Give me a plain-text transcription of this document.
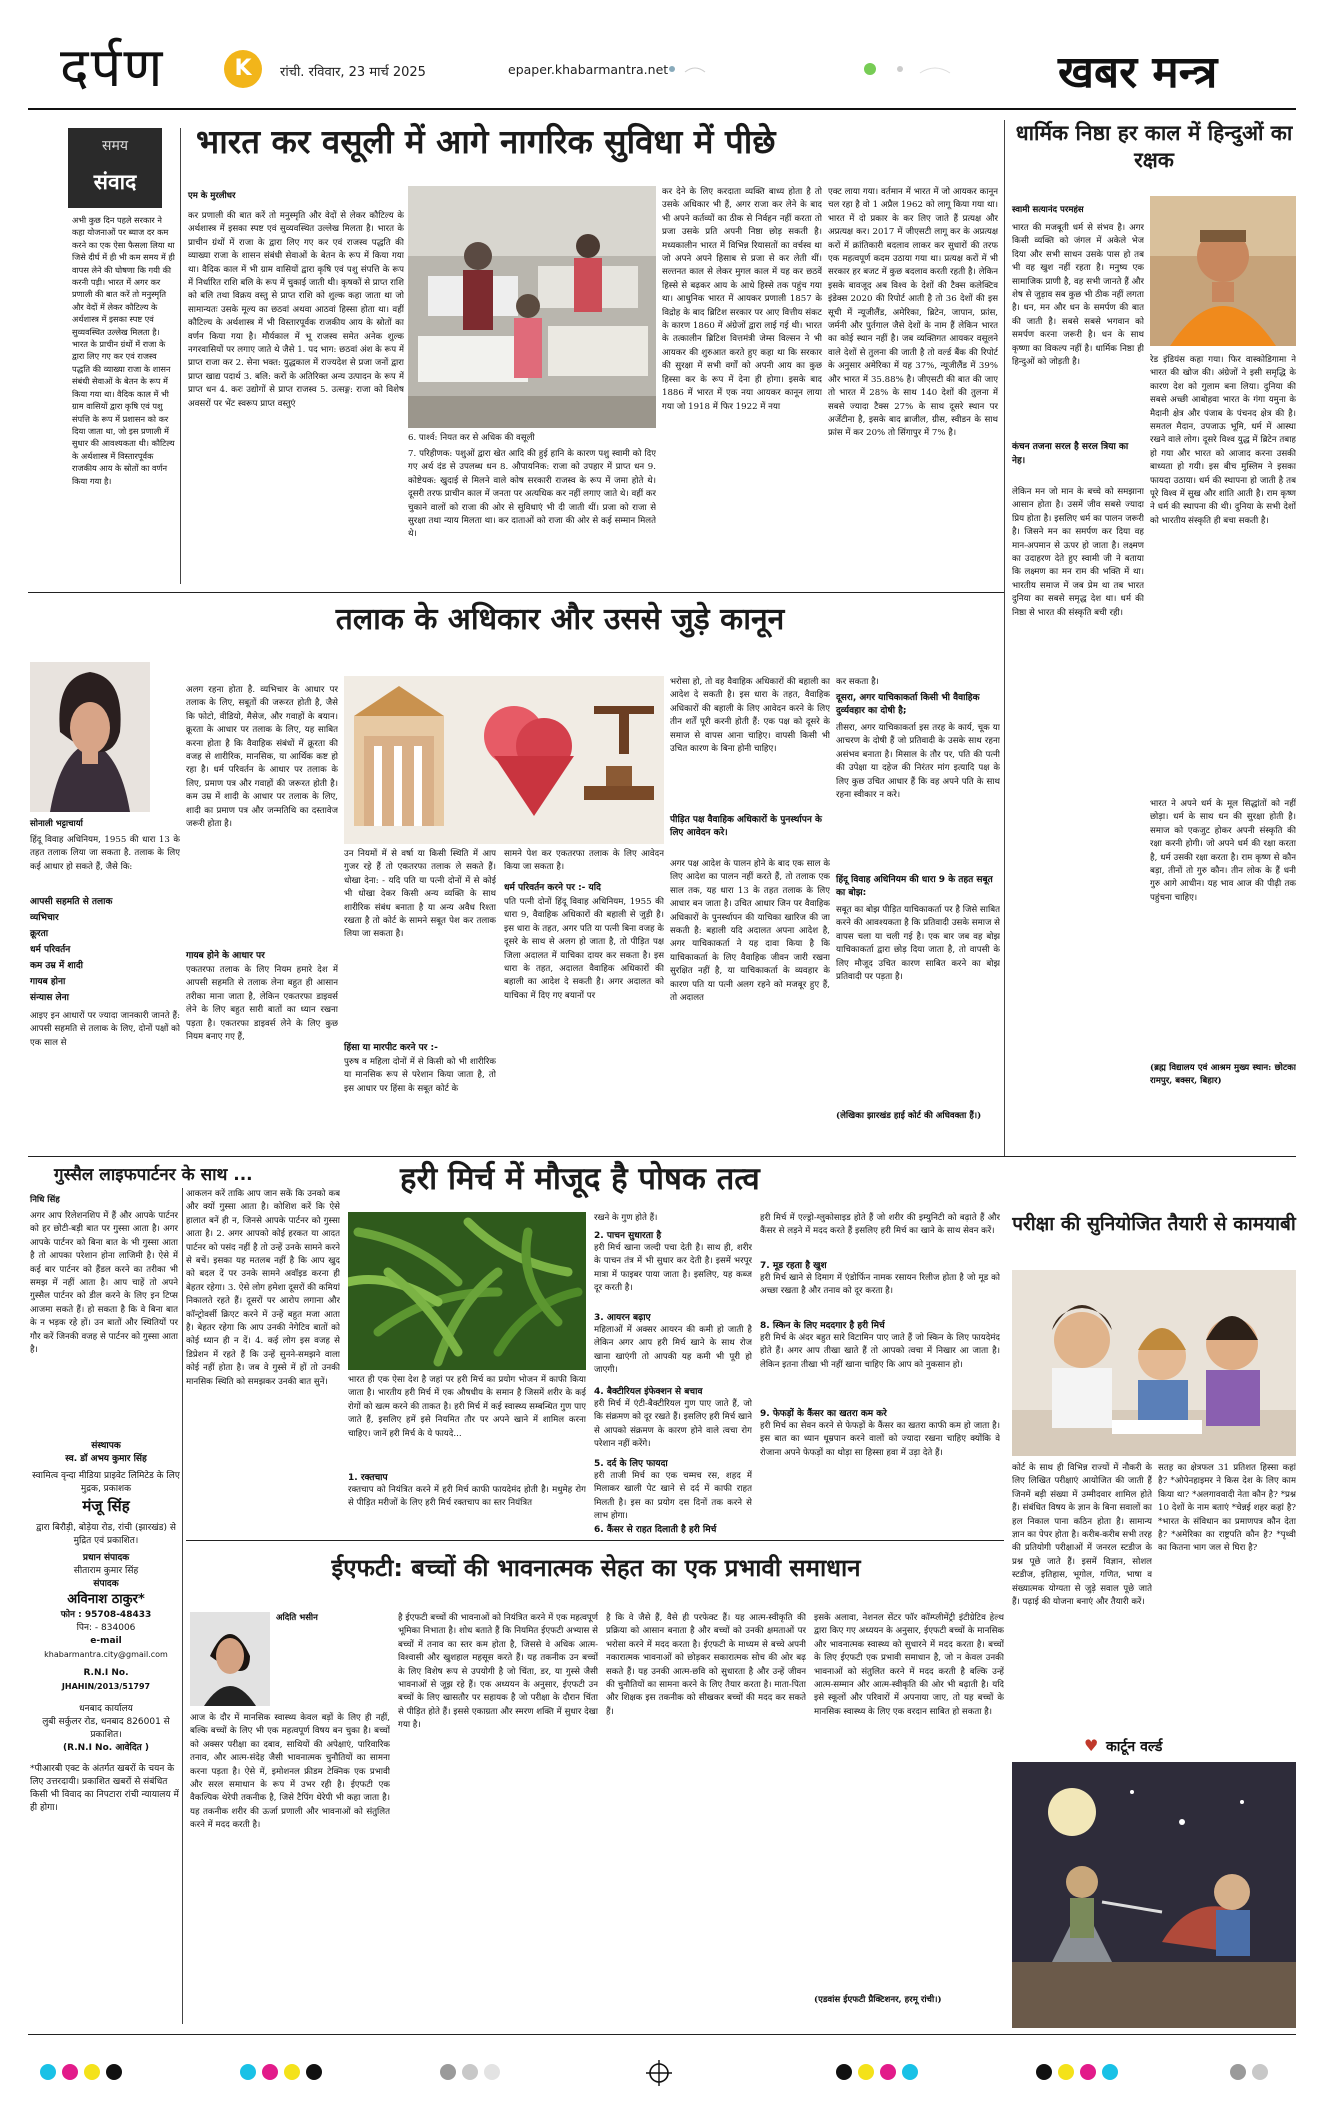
दर्पण	K	रांची. रविवार, 23 मार्च 2025	epaper.khabarmantra.net	खबर मन्त्र
समय
संवाद
अभी कुछ दिन पहले सरकार ने कहा योजनाओं पर ब्याज दर कम करने का एक ऐसा फैसला लिया था जिसे दीर्घ में ही भी कम समय में ही वापस लेने की घोषणा कि गयी की करनी पड़ी। भारत में अगर कर प्रणाली की बात करें तो मनुस्मृति और वेदों में लेकर कौटिल्य के अर्थशास्त्र में इसका स्पष्ट एवं सुव्यवस्थित उल्लेख मिलता है। भारत के प्राचीन ग्रंथों में राजा के द्वारा लिए गए कर एवं राजस्व पद्धति की व्याख्या राजा के शासन संबंधी सेवाओं के बेतन के रूप में किया गया था। वैदिक काल में भी ग्राम वासियों द्वारा कृषि एवं पशु संपत्ति के रूप में प्रशासन को कर दिया जाता था, जो इस प्रणाली में सुधार की आवश्यकता थी। कौटिल्य के अर्थशास्त्र में विस्तारपूर्वक राजकीय आय के स्रोतों का वर्णन किया गया है।
भारत कर वसूली में आगे नागरिक सुविधा में पीछे
एम के मुरलीधर
कर प्रणाली की बात करें तो मनुस्मृति और वेदों से लेकर कौटिल्य के अर्थशास्त्र में इसका स्पष्ट एवं सुव्यवस्थित उल्लेख मिलता है। भारत के प्राचीन ग्रंथों में राजा के द्वारा लिए गए कर एवं राजस्व पद्धति की व्याख्या राजा के शासन संबंधी सेवाओं के बेतन के रूप में किया गया था। वैदिक काल में भी ग्राम वासियों द्वारा कृषि एवं पशु संपत्ति के रूप में निर्धारित राशि बलि के रूप में चुकाई जाती थी। कृषकों से प्राप्त राशि को बलि तथा विक्रय वस्तु से प्राप्त राशि को शुल्क कहा जाता था जो सामान्यतः उसके मूल्य का छठवां अथवा आठवां हिस्सा होता था। वहीं कौटिल्य के अर्थशास्त्र में भी विस्तारपूर्वक राजकीय आय के स्रोतों का वर्णन किया गया है। मौर्यकाल में भू राजस्व समेत अनेक शुल्क नगरवासियों पर लगाए जाते थे जैसे 1. पद भाग: छठवां अंश के रूप में प्राप्त राजा कर 2. सेना भक्त: युद्धकाल में राज्यदेश से प्रजा जनों द्वारा प्राप्त खाद्य पदार्थ 3. बलि: करों के अतिरिक्त अन्य उत्पादन के रूप में प्राप्त धन 4. करः उद्योगों से प्राप्त राजस्व 5. उत्सङ्ग: राजा को विशेष अवसरों पर भेंट स्वरूप प्राप्त वस्तुएं
6. पार्श्व: नियत कर से अधिक की वसूली
7. परिहीणक: पशुओं द्वारा खेत आदि की हुई हानि के कारण पशु स्वामी को दिए गए अर्थ दंड से उपलब्ध धन 8. औपायनिक: राजा को उपहार में प्राप्त धन 9. कोष्टेयक: खुदाई से मिलने वाले कोष सरकारी राजस्व के रूप में जमा होते थे। दूसरी तरफ प्राचीन काल में जनता पर अत्यधिक कर नहीं लगाए जाते थे। वहीं कर चुकाने वालों को राजा की ओर से सुविधाएं भी दी जाती थीं। प्रजा को राजा से सुरक्षा तथा न्याय मिलता था। कर दाताओं को राजा की ओर से कई सम्मान मिलते थे।
कर देने के लिए करदाता व्यक्ति बाध्य होता है तो उसके अधिकार भी हैं, अगर राजा कर लेने के बाद भी अपने कर्तव्यों का ठीक से निर्वहन नहीं करता तो प्रजा उसके प्रति अपनी निष्ठा छोड़ सकती है। मध्यकालीन भारत में विभिन्न रियासतों का वर्चस्व था जो अपने अपने हिसाब से प्रजा से कर लेती थीं। सल्तनत काल से लेकर मुगल काल में यह कर छठवें हिस्से से बढ़कर आय के आधे हिस्से तक पहुंच गया था। आधुनिक भारत में आयकर प्रणाली 1857 के विद्रोह के बाद ब्रिटिश सरकार पर आए वित्तीय संकट के कारण 1860 में अंग्रेजों द्वारा लाई गई थी। भारत के तत्कालीन ब्रिटिश वित्तमंत्री जेम्स विल्सन ने भी आयकर की शुरुआत करते हुए कहा था कि सरकार की सुरक्षा में सभी वर्गों को अपनी आय का कुछ हिस्सा कर के रूप में देना ही होगा। इसके बाद 1886 में भारत में एक नया आयकर कानून लाया गया जो 1918 में फिर 1922 में नया
एक्ट लाया गया। वर्तमान में भारत में जो आयकर कानून चल रहा है वो 1 अप्रैल 1962 को लागू किया गया था। भारत में दो प्रकार के कर लिए जाते हैं प्रत्यक्ष और अप्रत्यक्ष कर। 2017 में जीएसटी लागू कर के अप्रत्यक्ष करों में क्रांतिकारी बदलाव लाकर कर सुधारों की तरफ एक महत्वपूर्ण कदम उठाया गया था। प्रत्यक्ष करों में भी सरकार हर बजट में कुछ बदलाव करती रहती है। लेकिन इसके बावजूद अब विश्व के देशों की टैक्स कलेक्टिव इंडेक्स 2020 की रिपोर्ट आती है तो 36 देशों की इस सूची में न्यूजीलैंड, अमेरिका, ब्रिटेन, जापान, फ्रांस, जर्मनी और पुर्तगाल जैसे देशों के नाम हैं लेकिन भारत का कोई स्थान नहीं है। जब व्यक्तिगत आयकर वसूलने वाले देशों से तुलना की जाती है तो वर्ल्ड बैंक की रिपोर्ट के अनुसार अमेरिका में यह 37%, न्यूजीलैंड में 39% और भारत में 35.88% है। जीएसटी की बात की जाए तो भारत में 28% के साथ 140 देशों की तुलना में सबसे ज्यादा टैक्स 27% के साथ दूसरे स्थान पर अर्जेंटीना है, इसके बाद ब्राजील, ग्रीस, स्वीडन के साथ फ्रांस में कर 20% तो सिंगापुर में 7% है।
धार्मिक निष्ठा हर काल में हिन्दुओं का रक्षक
स्वामी सत्यानंद परमहंस
भारत की मजबूती धर्म से संभव है। अगर किसी व्यक्ति को जंगल में अकेले भेज दिया और सभी साधन उसके पास हो तब भी वह खुश नहीं रहता है। मनुष्य एक सामाजिक प्राणी है, वह सभी जानते हैं और शेष से जुड़ाव सब कुछ भी ठीक नहीं लगता है। धन, मन और धन के समर्पण की बात की जाती है। सबसे सबसे भगवान को समर्पण करना जरूरी है। धन के साथ कृष्णा का विकल्प नहीं है। धार्मिक निष्ठा ही हिन्दुओं को जोड़ती है।
कंचन तजना सरल है सरल त्रिया का नेह।
लेकिन मन जो मान के बच्चे को समझाना आसान होता है। उसमें जीव सबसे ज्यादा प्रिय होता है। इसलिए धर्म का पालन जरूरी है। जिसने मन का समर्पण कर दिया वह मान-अपमान से ऊपर हो जाता है। लक्ष्मण का उदाहरण देते हुए स्वामी जी ने बताया कि लक्ष्मण का मन राम की भक्ति में था। भारतीय समाज में जब प्रेम था तब भारत दुनिया का सबसे समृद्ध देश था। धर्म की निष्ठा से भारत की संस्कृति बची रही।
रेड इंडियंस कहा गया। फिर वास्कोडिगामा ने भारत की खोज की। अंग्रेजों ने इसी समृद्धि के कारण देश को गुलाम बना लिया। दुनिया की सबसे अच्छी आबोहवा भारत के गंगा यमुना के मैदानी क्षेत्र और पंजाब के पंचनद क्षेत्र की है। समतल मैदान, उपजाऊ भूमि, धर्म में आस्था रखने वाले लोग। दूसरे विश्व युद्ध में ब्रिटेन तबाह हो गया और भारत को आजाद करना उसकी बाध्यता हो गयी। इस बीच मुस्लिम ने इसका फायदा उठाया। धर्म की स्थापना हो जाती है तब पूरे विश्व में सुख और शांति आती है। राम कृष्ण ने धर्म की स्थापना की थी। दुनिया के सभी देशों को भारतीय संस्कृति ही बचा सकती है।
भारत ने अपने धर्म के मूल सिद्धांतों को नहीं छोड़ा। धर्म के साथ धन की सुरक्षा होती है। समाज को एकजुट होकर अपनी संस्कृति की रक्षा करनी होगी। जो अपने धर्म की रक्षा करता है, धर्म उसकी रक्षा करता है। राम कृष्ण से कौन बड़ा, तीनों तो गुरु कौन। तीन लोक के हैं धनी गुरु आगे आधीन। यह भाव आज की पीढ़ी तक पहुंचना चाहिए।
(ब्रह्म विद्यालय एवं आश्रम मुख्य स्थान: छोटका रामपुर, बक्सर, बिहार)
तलाक के अधिकार और उससे जुड़े कानून
सोनाली भट्टाचार्या
हिंदू विवाह अधिनियम, 1955 की धारा 13 के तहत तलाक लिया जा सकता है. तलाक के लिए कई आधार हो सकते हैं, जैसे कि:
आपसी सहमति से तलाक
व्यभिचार
क्रूरता
धर्म परिवर्तन
कम उम्र में शादी
गायब होना
संन्यास लेना
आइए इन आधारों पर ज्यादा जानकारी जानते हैं: आपसी सहमति से तलाक के लिए, दोनों पक्षों को एक साल से
अलग रहना होता है. व्यभिचार के आधार पर तलाक के लिए, सबूतों की जरूरत होती है, जैसे कि फोटो, वीडियो, मैसेज, और गवाहों के बयान। क्रूरता के आधार पर तलाक के लिए, यह साबित करना होता है कि वैवाहिक संबंधों में क्रूरता की वजह से शारीरिक, मानसिक, या आर्थिक कष्ट हो रहा है। धर्म परिवर्तन के आधार पर तलाक के लिए, प्रमाण पत्र और गवाहों की जरूरत होती है। कम उम्र में शादी के आधार पर तलाक के लिए, शादी का प्रमाण पत्र और जन्मतिथि का दस्तावेज जरूरी होता है।
गायब होने के आधार पर
एकतरफा तलाक के लिए नियम हमारे देश में आपसी सहमति से तलाक लेना बहुत ही आसान तरीका माना जाता है, लेकिन एकतरफा डाइवर्स लेने के लिए बहुत सारी बातों का ध्यान रखना पड़ता है। एकतरफा डाइवर्स लेने के लिए कुछ नियम बनाए गए हैं,
उन नियमों में से वर्षा या किसी स्थिति में आप गुजर रहे हैं तो एकतरफा तलाक ले सकते हैं। धोखा देना: - यदि पति या पत्नी दोनों में से कोई भी धोखा देकर किसी अन्य व्यक्ति के साथ शारीरिक संबंध बनाता है या अन्य अवैध रिश्ता रखता है तो कोर्ट के सामने सबूत पेश कर तलाक लिया जा सकता है।
हिंसा या मारपीट करने पर :-
पुरुष व महिला दोनों में से किसी को भी शारीरिक या मानसिक रूप से परेशान किया जाता है, तो इस आधार पर हिंसा के सबूत कोर्ट के
सामने पेश कर एकतरफा तलाक के लिए आवेदन किया जा सकता है।
धर्म परिवर्तन करने पर :- यदि
पति पत्नी दोनों हिंदू विवाह अधिनियम, 1955 की धारा 9, वैवाहिक अधिकारों की बहाली से जुड़ी है। इस धारा के तहत, अगर पति या पत्नी बिना वजह के दूसरे के साथ से अलग हो जाता है, तो पीड़ित पक्ष जिला अदालत में याचिका दायर कर सकता है। इस धारा के तहत, अदालत वैवाहिक अधिकारों की बहाली का आदेश दे सकती है। अगर अदालत को याचिका में दिए गए बयानों पर
भरोसा हो, तो वह वैवाहिक अधिकारों की बहाली का आदेश दे सकती है। इस धारा के तहत, वैवाहिक अधिकारों की बहाली के लिए आवेदन करने के लिए तीन शर्तें पूरी करनी होती हैं: एक पक्ष को दूसरे के समाज से वापस आना चाहिए। वापसी किसी भी उचित कारण के बिना होनी चाहिए।
पीड़ित पक्ष वैवाहिक अधिकारों के पुनर्स्थापन के लिए आवेदन करे।
अगर पक्ष आदेश के पालन होने के बाद एक साल के लिए आदेश का पालन नहीं करते हैं, तो तलाक एक साल तक, यह धारा 13 के तहत तलाक के लिए आधार बन जाता है। उचित आधार जिन पर वैवाहिक अधिकारों के पुनर्स्थापन की याचिका खारिज की जा सकती है: बहाली यदि अदालत अपना आदेश है, अगर याचिकाकर्ता ने यह दावा किया है कि याचिकाकर्ता के लिए वैवाहिक जीवन जारी रखना सुरक्षित नहीं है, या याचिकाकर्ता के व्यवहार के कारण पति या पत्नी अलग रहने को मजबूर हुए हैं, तो अदालत
कर सकता है।
दूसरा, अगर याचिकाकर्ता किसी भी वैवाहिक दुर्व्यवहार का दोषी है;
तीसरा, अगर याचिकाकर्ता इस तरह के कार्य, चूक या आचरण के दोषी हैं जो प्रतिवादी के उसके साथ रहना असंभव बनाता है। मिसाल के तौर पर, पति की पत्नी की उपेक्षा या दहेज की निरंतर मांग इत्यादि पक्ष के लिए कुछ उचित आधार हैं कि वह अपने पति के साथ रहना स्वीकार न करे।
हिंदू विवाह अधिनियम की धारा 9 के तहत सबूत का बोझ:
सबूत का बोझ पीड़ित याचिकाकर्ता पर है जिसे साबित करने की आवश्यकता है कि प्रतिवादी उसके समाज से वापस चला या चली गई है। एक बार जब वह बोझ याचिकाकर्ता द्वारा छोड़ दिया जाता है, तो वापसी के लिए मौजूद उचित कारण साबित करने का बोझ प्रतिवादी पर पड़ता है।
(लेखिका झारखंड हाई कोर्ट की अधिवक्ता हैं।)
गुस्सैल लाइफपार्टनर के साथ ...
निधि सिंह
अगर आप रिलेशनशिप में हैं और आपके पार्टनर को हर छोटी-बड़ी बात पर गुस्सा आता है। अगर आपके पार्टनर को बिना बात के भी गुस्सा आता है तो आपका परेशान होना लाजिमी है। ऐसे में कई बार पार्टनर को हैंडल करने का तरीका भी समझ में नहीं आता है। आप चाहें तो अपने गुस्सैल पार्टनर को डील करने के लिए इन टिप्स आजमा सकते हैं। हो सकता है कि वे बिना बात के न भड़क रहे हों। उन बातों और स्थितियों पर गौर करें जिनकी वजह से पार्टनर को गुस्सा आता है।
आकलन करें ताकि आप जान सकें कि उनको कब और क्यों गुस्सा आता है। कोशिश करें कि ऐसे हालात बनें ही न, जिनसे आपके पार्टनर को गुस्सा आता है। 2. अगर आपको कोई हरकत या आदत पार्टनर को पसंद नहीं है तो उन्हें उनके सामने करने से बचें। इसका यह मतलब नहीं है कि आप खुद को बदल दें पर उनके सामने अवॉइड करना ही बेहतर रहेगा। 3. ऐसे लोग हमेशा दूसरों की कमियां निकालते रहते हैं। दूसरों पर आरोप लगाना और कॉन्ट्रोवर्सी क्रिएट करने में उन्हें बहुत मजा आता है। बेहतर रहेगा कि आप उनकी नेगेटिव बातों को कोई ध्यान ही न दें। 4. कई लोग इस वजह से डिप्रेशन में रहते हैं कि उन्हें सुनने-समझने वाला कोई नहीं होता है। जब वे गुस्से में हों तो उनकी मानसिक स्थिति को समझकर उनकी बात सुनें।
संस्थापक
स्व. डॉ अभय कुमार सिंह
स्वामित्व वृन्दा मीडिया प्राइवेट लिमिटेड के लिए मुद्रक, प्रकाशक
मंजू सिंह
द्वारा बिरौड़ी, बोड़ेया रोड, रांची (झारखंड) से मुद्रित एवं प्रकाशित।
प्रधान संपादक
सीताराम कुमार सिंह
संपादक
अविनाश ठाकुर*
फोन : 95708-48433
पिन: - 834006
e-mail
khabarmantra.city@gmail.com
R.N.I No.
JHAHIN/2013/51797
धनबाद कार्यालय
लुबी सर्कुलर रोड, धनबाद 826001 से प्रकाशित।
(R.N.I No. आवेदित )
*पीआरबी एक्ट के अंतर्गत खबरों के चयन के लिए उत्तरदायी। प्रकाशित खबरों से संबंधित किसी भी विवाद का निपटारा रांची न्यायालय में ही होगा।
हरी मिर्च में मौजूद है पोषक तत्व
भारत ही एक ऐसा देश है जहां पर हरी मिर्च का प्रयोग भोजन में काफी किया जाता है। भारतीय हरी मिर्च में एक औषधीय के समान है जिसमें शरीर के कई रोगों को खत्म करने की ताकत है। हरी मिर्च में कई स्वास्थ्य सम्बन्धित गुण पाए जाते हैं, इसलिए हमें इसे नियमित तौर पर अपने खाने में शामिल करना चाहिए। जानें हरी मिर्च के ये फायदे...
1. रक्तचाप
रक्तचाप को नियंत्रित करने में हरी मिर्च काफी फायदेमंद होती है। मधुमेह रोग से पीड़ित मरीजों के लिए हरी मिर्च रक्तचाप का स्तर नियंत्रित
रखने के गुण होते हैं।
2. पाचन सुधारता है
हरी मिर्च खाना जल्दी पचा देती है। साथ ही, शरीर के पाचन तंत्र में भी सुधार कर देती है। इसमें भरपूर मात्रा में फाइबर पाया जाता है। इसलिए, यह कब्ज दूर करती है।
3. आयरन बढ़ाए
महिलाओं में अक्सर आयरन की कमी हो जाती है लेकिन अगर आप हरी मिर्च खाने के साथ रोज खाना खाएंगी तो आपकी यह कमी भी पूरी हो जाएगी।
4. बैक्टीरियल इंफेक्शन से बचाव
हरी मिर्च में एंटी-बैक्टीरियल गुण पाए जाते हैं, जो कि संक्रमण को दूर रखते हैं। इसलिए हरी मिर्च खाने से आपको संक्रमण के कारण होने वाले त्वचा रोग परेशान नहीं करेंगे।
5. दर्द के लिए फायदा
हरी ताजी मिर्च का एक चम्मच रस, शहद में मिलाकर खाली पेट खाने से दर्द में काफी राहत मिलती है। इस का प्रयोग दस दिनों तक करने से लाभ होगा।
6. कैंसर से राहत दिलाती है हरी मिर्च
हरी मिर्च में एल्ड्रो-ग्लुकोसाइड होते हैं जो शरीर की इम्युनिटी को बढ़ाते हैं और कैंसर से लड़ने में मदद करते हैं इसलिए हरी मिर्च का खाने के साथ सेवन करें।
7. मूड रहता है खुश
हरी मिर्च खाने से दिमाग में एंडोर्फिन नामक रसायन रिलीज होता है जो मूड को अच्छा रखता है और तनाव को दूर करता है।
8. स्किन के लिए मददगार है हरी मिर्च
हरी मिर्च के अंदर बहुत सारे विटामिन पाए जाते हैं जो स्किन के लिए फायदेमंद होते हैं। अगर आप तीखा खाते हैं तो आपको त्वचा में निखार आ जाता है। लेकिन इतना तीखा भी नहीं खाना चाहिए कि आप को नुकसान हो।
9. फेफड़ों के कैंसर का खतरा कम करे
हरी मिर्च का सेवन करने से फेफड़ों के कैंसर का खतरा काफी कम हो जाता है। इस बात का ध्यान धूम्रपान करने वालों को ज्यादा रखना चाहिए क्योंकि वे रोजाना अपने फेफड़ों का थोड़ा सा हिस्सा हवा में उड़ा देते हैं।
परीक्षा की सुनियोजित तैयारी से कामयाबी
कोर्ट के साथ ही विभिन्न राज्यों में नौकरी के लिए लिखित परीक्षाएं आयोजित की जाती हैं जिनमें बड़ी संख्या में उम्मीदवार शामिल होते हैं। संबंधित विषय के ज्ञान के बिना सवालों का हल निकाल पाना कठिन होता है। सामान्य ज्ञान का पेपर होता है। करीब-करीब सभी तरह की प्रतियोगी परीक्षाओं में जनरल स्टडीज के प्रश्न पूछे जाते हैं। इसमें विज्ञान, सोशल स्टडीज, इतिहास, भूगोल, गणित, भाषा व संख्यात्मक योग्यता से जुड़े सवाल पूछे जाते हैं। पढ़ाई की योजना बनाएं और तैयारी करें।
सतह का क्षेत्रफल 31 प्रतिशत हिस्सा कहां है? *ओपेनहाइमर ने किस देश के लिए काम किया था? *अलगाववादी नेता कौन है? *प्रश्न 10 देशों के नाम बताएं *चेन्नई शहर कहां है? *भारत के संविधान का प्रमाणपत्र कौन देता है? *अमेरिका का राष्ट्रपति कौन है? *पृथ्वी का कितना भाग जल से घिरा है?
♥ कार्टून वर्ल्ड
ईएफटी: बच्चों की भावनात्मक सेहत का एक प्रभावी समाधान
अदिति भसीन
आज के दौर में मानसिक स्वास्थ्य केवल बड़ों के लिए ही नहीं, बल्कि बच्चों के लिए भी एक महत्वपूर्ण विषय बन चुका है। बच्चों को अक्सर परीक्षा का दबाव, साथियों की अपेक्षाएं, पारिवारिक तनाव, और आत्म-संदेह जैसी भावनात्मक चुनौतियों का सामना करना पड़ता है। ऐसे में, इमोशनल फ्रीडम टेक्निक एक प्रभावी और सरल समाधान के रूप में उभर रही है। ईएफटी एक वैकल्पिक थेरेपी तकनीक है, जिसे टैपिंग थेरेपी भी कहा जाता है। यह तकनीक शरीर की ऊर्जा प्रणाली और भावनाओं को संतुलित करने में मदद करती है।
है ईएफटी बच्चों की भावनाओं को नियंत्रित करने में एक महत्वपूर्ण भूमिका निभाता है। शोध बताते हैं कि नियमित ईएफटी अभ्यास से बच्चों में तनाव का स्तर कम होता है, जिससे वे अधिक आत्म-विश्वासी और खुशहाल महसूस करते हैं। यह तकनीक उन बच्चों के लिए विशेष रूप से उपयोगी है जो चिंता, डर, या गुस्से जैसी भावनाओं से जूझ रहे हैं। एक अध्ययन के अनुसार, ईएफटी उन बच्चों के लिए खासतौर पर सहायक है जो परीक्षा के दौरान चिंता से पीड़ित होते हैं। इससे एकाग्रता और स्मरण शक्ति में सुधार देखा गया है।
है कि वे जैसे हैं, वैसे ही परफेक्ट हैं। यह आत्म-स्वीकृति की प्रक्रिया को आसान बनाता है और बच्चों को उनकी क्षमताओं पर भरोसा करने में मदद करता है। ईएफटी के माध्यम से बच्चे अपनी नकारात्मक भावनाओं को छोड़कर सकारात्मक सोच की ओर बढ़ सकते हैं। यह उनकी आत्म-छवि को सुधारता है और उन्हें जीवन की चुनौतियों का सामना करने के लिए तैयार करता है। माता-पिता और शिक्षक इस तकनीक को सीखकर बच्चों की मदद कर सकते हैं।
इसके अलावा, नेशनल सेंटर फॉर कॉम्प्लीमेंट्री इंटीग्रेटिव हेल्थ द्वारा किए गए अध्ययन के अनुसार, ईएफटी बच्चों के मानसिक और भावनात्मक स्वास्थ्य को सुधारने में मदद करता है। बच्चों के लिए ईएफटी एक प्रभावी समाधान है, जो न केवल उनकी भावनाओं को संतुलित करने में मदद करती है बल्कि उन्हें आत्म-सम्मान और आत्म-स्वीकृति की ओर भी बढ़ाती है। यदि इसे स्कूलों और परिवारों में अपनाया जाए, तो यह बच्चों के मानसिक स्वास्थ्य के लिए एक वरदान साबित हो सकता है।
(एडवांस ईएफटी प्रैक्टिशनर, हरमू रांची।)
